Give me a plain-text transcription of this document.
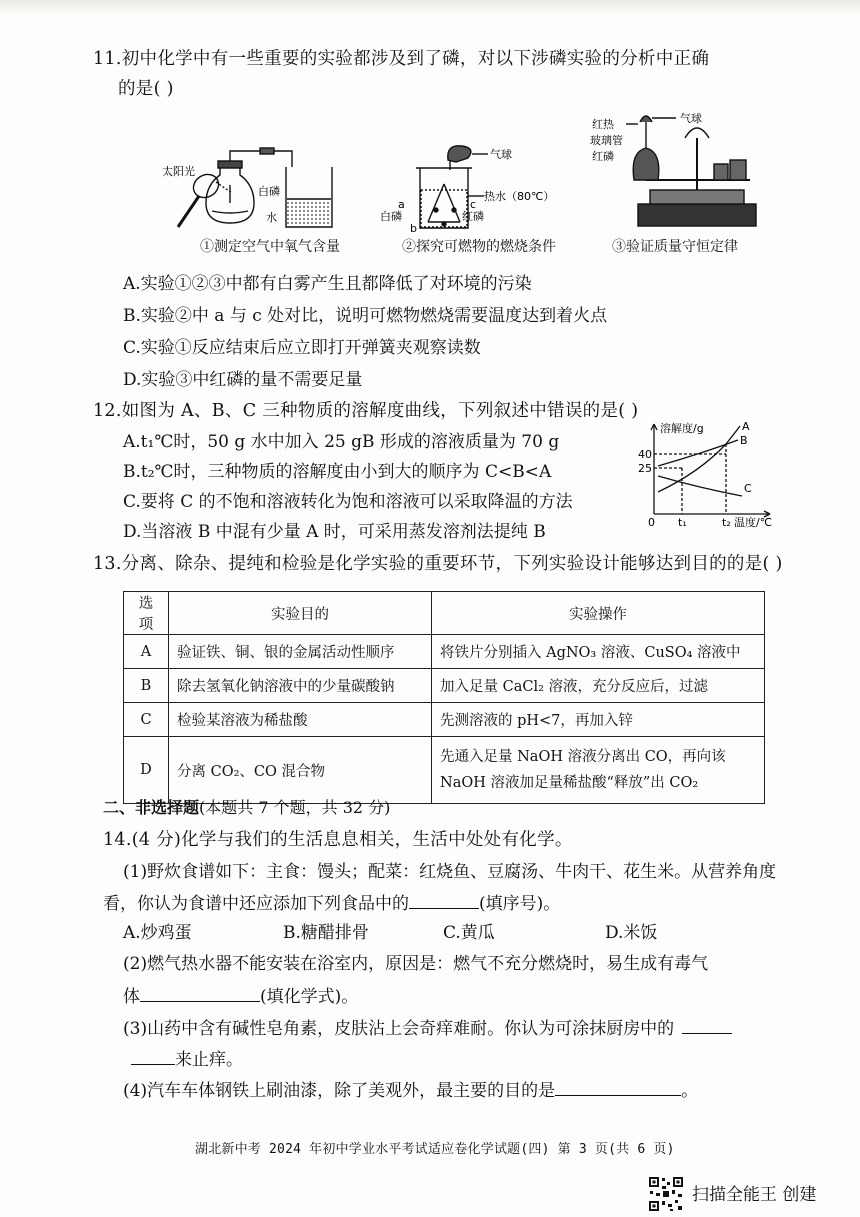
11.初中化学中有一些重要的实验都涉及到了磷，对以下涉磷实验的分析中正确
的是( )
太阳光
白磷
水
①测定空气中氧气含量
气球
热水（80℃）
a
白磷	红磷
c
b
②探究可燃物的燃烧条件
气球
红热
玻璃管
红磷
③验证质量守恒定律
A.实验①②③中都有白雾产生且都降低了对环境的污染
B.实验②中 a 与 c 处对比，说明可燃物燃烧需要温度达到着火点
C.实验①反应结束后应立即打开弹簧夹观察读数
D.实验③中红磷的量不需要足量
12.如图为 A、B、C 三种物质的溶解度曲线，下列叙述中错误的是( )
A.t₁℃时，50 g 水中加入 25 gB 形成的溶液质量为 70 g
B.t₂℃时，三种物质的溶解度由小到大的顺序为 C<B<A
C.要将 C 的不饱和溶液转化为饱和溶液可以采取降温的方法
D.当溶液 B 中混有少量 A 时，可采用蒸发溶剂法提纯 B
溶解度/g
温度/℃
0
40
25
t₁	t₂
A
B
C
13.分离、除杂、提纯和检验是化学实验的重要环节，下列实验设计能够达到目的的是( )
选项	实验目的	实验操作
A	验证铁、铜、银的金属活动性顺序	将铁片分别插入 AgNO₃ 溶液、CuSO₄ 溶液中
B	除去氢氧化钠溶液中的少量碳酸钠	加入足量 CaCl₂ 溶液，充分反应后，过滤
C	检验某溶液为稀盐酸	先测溶液的 pH<7，再加入锌
D	分离 CO₂、CO 混合物	先通入足量 NaOH 溶液分离出 CO，再向该
NaOH 溶液加足量稀盐酸“释放”出 CO₂
二、非选择题(本题共 7 个题，共 32 分)
14.(4 分)化学与我们的生活息息相关，生活中处处有化学。
(1)野炊食谱如下：主食：馒头；配菜：红烧鱼、豆腐汤、牛肉干、花生米。从营养角度
看，你认为食谱中还应添加下列食品中的	(填序号)。
A.炒鸡蛋	B.糖醋排骨	C.黄瓜	D.米饭
(2)燃气热水器不能安装在浴室内，原因是：燃气不充分燃烧时，易生成有毒气
体	(填化学式)。
(3)山药中含有碱性皂角素，皮肤沾上会奇痒难耐。你认为可涂抹厨房中的
来止痒。
(4)汽车车体钢铁上刷油漆，除了美观外，最主要的目的是	。
湖北新中考 2024 年初中学业水平考试适应卷化学试题(四) 第 3 页(共 6 页)
扫描全能王 创建
